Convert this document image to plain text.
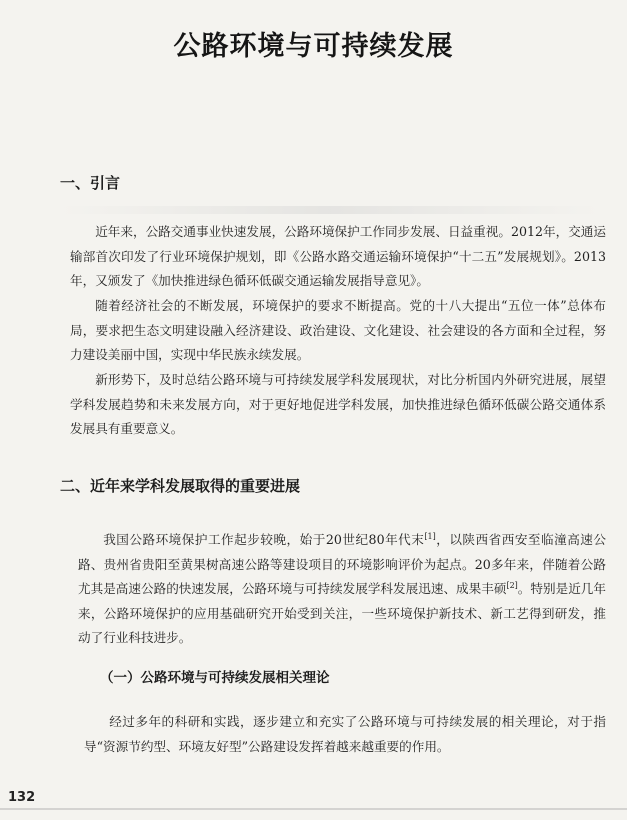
公路环境与可持续发展
一、引言
近年来，公路交通事业快速发展，公路环境保护工作同步发展、日益重视。2012年，交通运输部首次印发了行业环境保护规划，即《公路水路交通运输环境保护“十二五”发展规划》。2013年，又颁发了《加快推进绿色循环低碳交通运输发展指导意见》。
随着经济社会的不断发展，环境保护的要求不断提高。党的十八大提出“五位一体”总体布局，要求把生态文明建设融入经济建设、政治建设、文化建设、社会建设的各方面和全过程，努力建设美丽中国，实现中华民族永续发展。
新形势下，及时总结公路环境与可持续发展学科发展现状，对比分析国内外研究进展，展望学科发展趋势和未来发展方向，对于更好地促进学科发展，加快推进绿色循环低碳公路交通体系发展具有重要意义。
二、近年来学科发展取得的重要进展
我国公路环境保护工作起步较晚，始于20世纪80年代末[1]，以陕西省西安至临潼高速公路、贵州省贵阳至黄果树高速公路等建设项目的环境影响评价为起点。20多年来，伴随着公路尤其是高速公路的快速发展，公路环境与可持续发展学科发展迅速、成果丰硕[2]。特别是近几年来，公路环境保护的应用基础研究开始受到关注，一些环境保护新技术、新工艺得到研发，推动了行业科技进步。
（一）公路环境与可持续发展相关理论
经过多年的科研和实践，逐步建立和充实了公路环境与可持续发展的相关理论，对于指导“资源节约型、环境友好型”公路建设发挥着越来越重要的作用。
132
